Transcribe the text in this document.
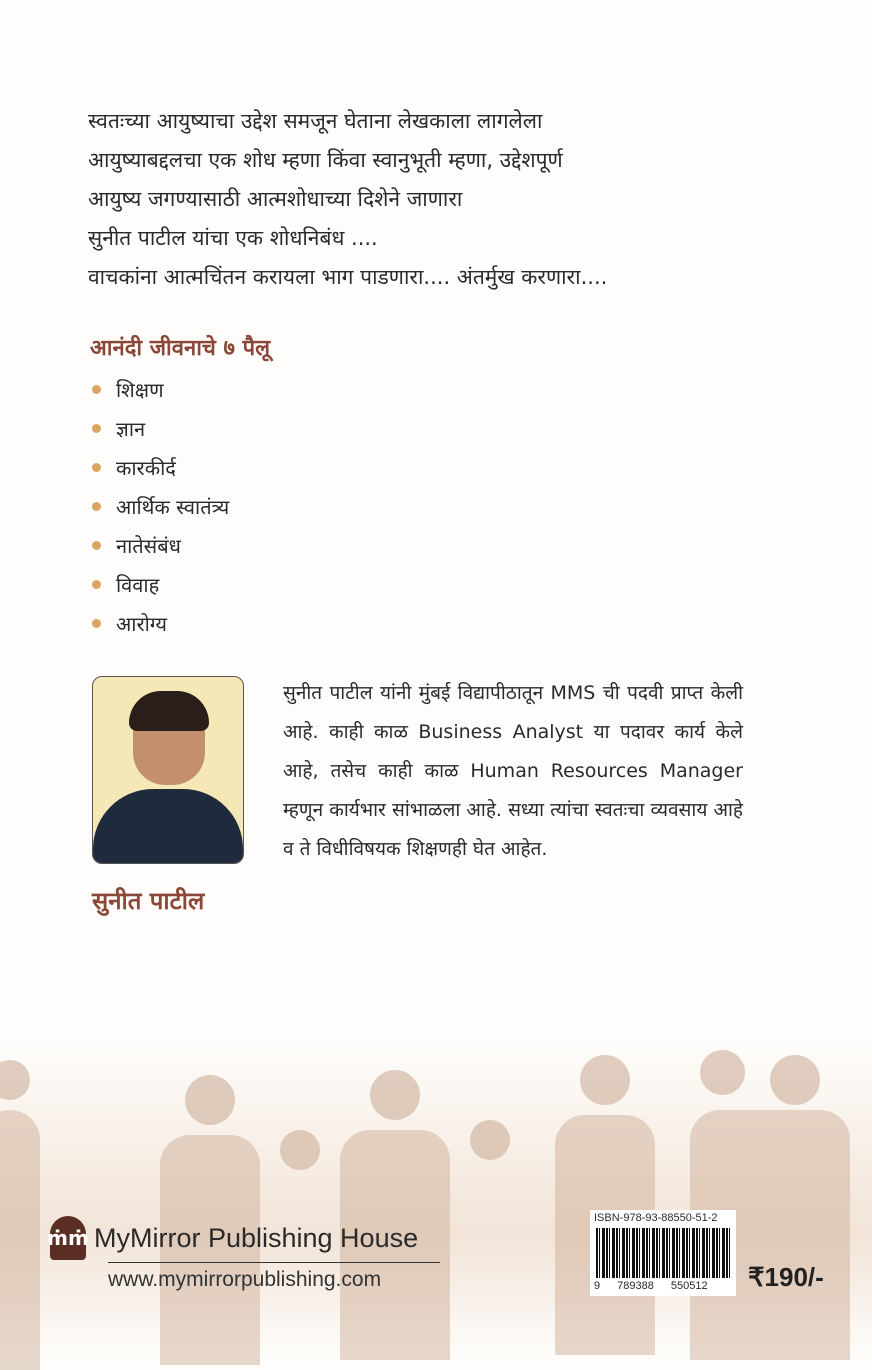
स्वतःच्या आयुष्याचा उद्देश समजून घेताना लेखकाला लागलेला
आयुष्याबद्दलचा एक शोध म्हणा किंवा स्वानुभूती म्हणा, उद्देशपूर्ण
आयुष्य जगण्यासाठी आत्मशोधाच्या दिशेने जाणारा
सुनीत पाटील यांचा एक शोधनिबंध ....
वाचकांना आत्मचिंतन करायला भाग पाडणारा.... अंतर्मुख करणारा....
आनंदी जीवनाचे ७ पैलू
शिक्षण
ज्ञान
कारकीर्द
आर्थिक स्वातंत्र्य
नातेसंबंध
विवाह
आरोग्य
सुनीत पाटील
सुनीत पाटील यांनी मुंबई विद्यापीठातून MMS ची पदवी प्राप्त केली आहे. काही काळ Business Analyst या पदावर कार्य केले आहे, तसेच काही काळ Human Resources Manager म्हणून कार्यभार सांभाळला आहे. सध्या त्यांचा स्वतःचा व्यवसाय आहे व ते विधीविषयक शिक्षणही घेत आहेत.
ṁṁ MyMirror Publishing House
www.mymirrorpublishing.com
ISBN-978-93-88550-51-2
9 789388 550512	₹190/-
